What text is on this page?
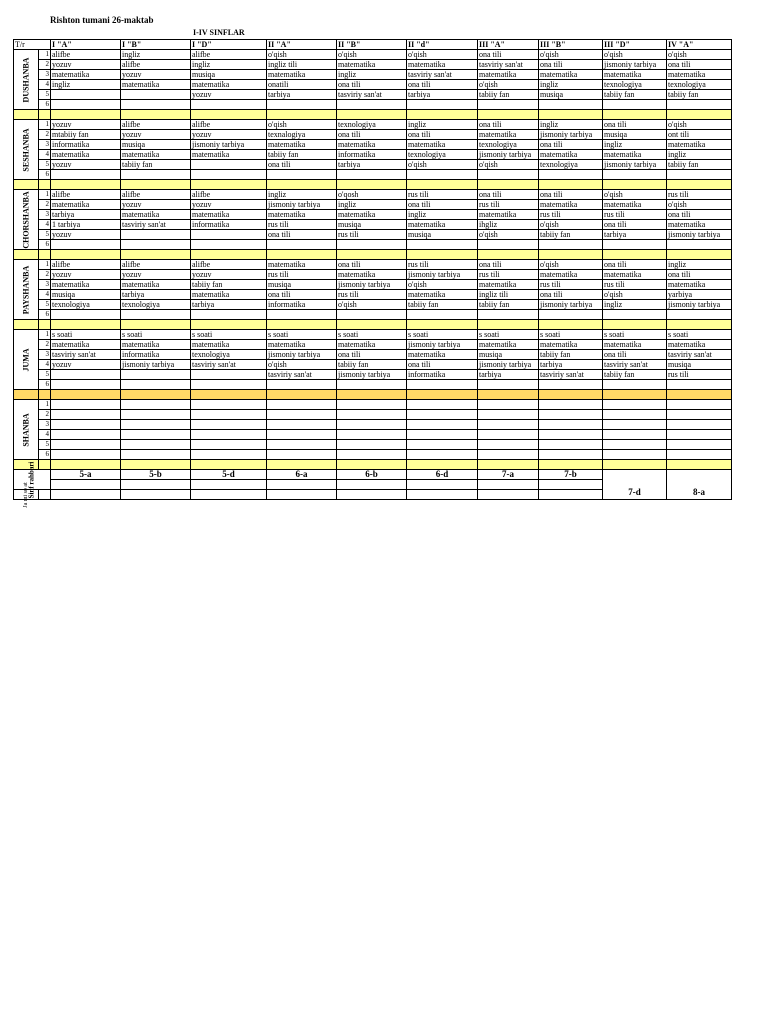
Rishton tumani 26-maktab
I-IV SINFLAR
T/r		I "A"	I "B"	I "D"	II "A"	II "B"	II "d"	III "A"	III "B"	III "D"	IV "A"

DUSHANBA	1	alifbe	ingliz	alifbe	o'qish	o'qish	o'qish	ona tili	o'qish	o'qish	o'qish
	2	yozuv	alifbe	ingliz	ingliz tili	matematika	matematika	tasviriy san'at	ona tili	jismoniy tarbiya	ona tili
	3	matematika	yozuv	musiqa	matematika	ingliz	tasviriy san'at	matematika	matematika	matematika	matematika
	4	ingliz	matematika	matematika	onatili	ona tili	ona tili	o'qish	ingliz	texnologiya	texnologiya
	5			yozuv	tarbiya	tasviriy san'at	tarbiya	tabiiy fan	musiqa	tabiiy fan	tabiiy fan
	6										

SESHANBA	1	yozuv	alifbe	alifbe	o'qish	texnologiya	ingliz	ona tili	ingliz	ona tili	o'qish
	2	mtabiiy fan	yozuv	yozuv	texnalogiya	ona tili	ona tili	matematika	jismoniy tarbiya	musiqa	ont tili
	3	informatika	musiqa	jismoniy tarbiya	matematika	matematika	matematika	texnologiya	ona tili	ingliz	matematika
	4	matematika	matematika	matematika	tabiiy fan	informatika	texnologiya	jismoniy tarbiya	matematika	matematika	ingliz
	5	yozuv	tabiiy fan		ona tili	tarbiya	o'qish	o'qish	texnologiya	jismoniy tarbiya	tabiiy fan
	6										

CHORSHANBA	1	alifbe	alifbe	alifbe	ingliz	o'qosh	rus tili	ona tili	ona tili	o'qish	rus tili
	2	matematika	yozuv	yozuv	jismoniy tarbiya	ingliz	ona tili	rus tili	matematika	matematika	o'qish
	3	tarbiya	matematika	matematika	matematika	matematika	ingliz	matematika	rus tili	rus tili	ona tili
	4	1 tarbiya	tasviriy san'at	informatika	rus tili	musiqa	matematika	ihgliz	o'qish	ona tili	matematika
	5	yozuv			ona tili	rus tili	musiqa	o'qish	tabiiy fan	tarbiya	jismoniy tarbiya
	6										

PAYSHANBA	1	alifbe	alifbe	alifbe	matematika	ona tili	rus tili	ona tili	o'qish	ona tili	ingliz
	2	yozuv	yozuv	yozuv	rus tili	matematika	jismoniy tarbiya	rus tili	matematika	matematika	ona tili
	3	matematika	matematika	tabiiy fan	musiqa	jismoniy tarbiya	o'qish	matematika	rus tili	rus tili	matematika
	4	musiqa	tarbiya	matematika	ona tili	rus tili	matematika	ingliz tili	ona tili	o'qish	yarbiya
	5	texnologiya	texnologiya	tarbiya	informatika	o'qish	tabiiy fan	tabiiy fan	jismoniy tarbiya	ingliz	jismoniy tarbiya
	6										

JUMA	1	s soati	s soati	s soati	s soati	s soati	s soati	s soati	s soati	s soati	s soati
	2	matematika	matematika	matematika	matematika	matematika	jismoniy tarbiya	matematika	matematika	matematika	matematika
	3	tasviriy san'at	informatika	texnologiya	jismoniy tarbiya	ona tili	matematika	musiqa	tabiiy fan	ona tili	tasviriy san'at
	4	yozuv	jismoniy tarbiya	tasviriy san'at	o'qish	tabiiy fan	ona tili	jismoniy tarbiya	tarbiya	tasviriy san'at	musiqa
	5				tasviriy san'at	jismoniy tarbiya	informatika	tarbiya	tasviriy san'at	tabiiy fan	rus tili
	6										

SHANBA	1										
	2										
	3										
	4										
	5										
	6										

Sinf rahbari		5-a	5-b	5-d	6-a	6-b	6-d	7-a	7-b	7-d	8-a

Ja mi so at											
